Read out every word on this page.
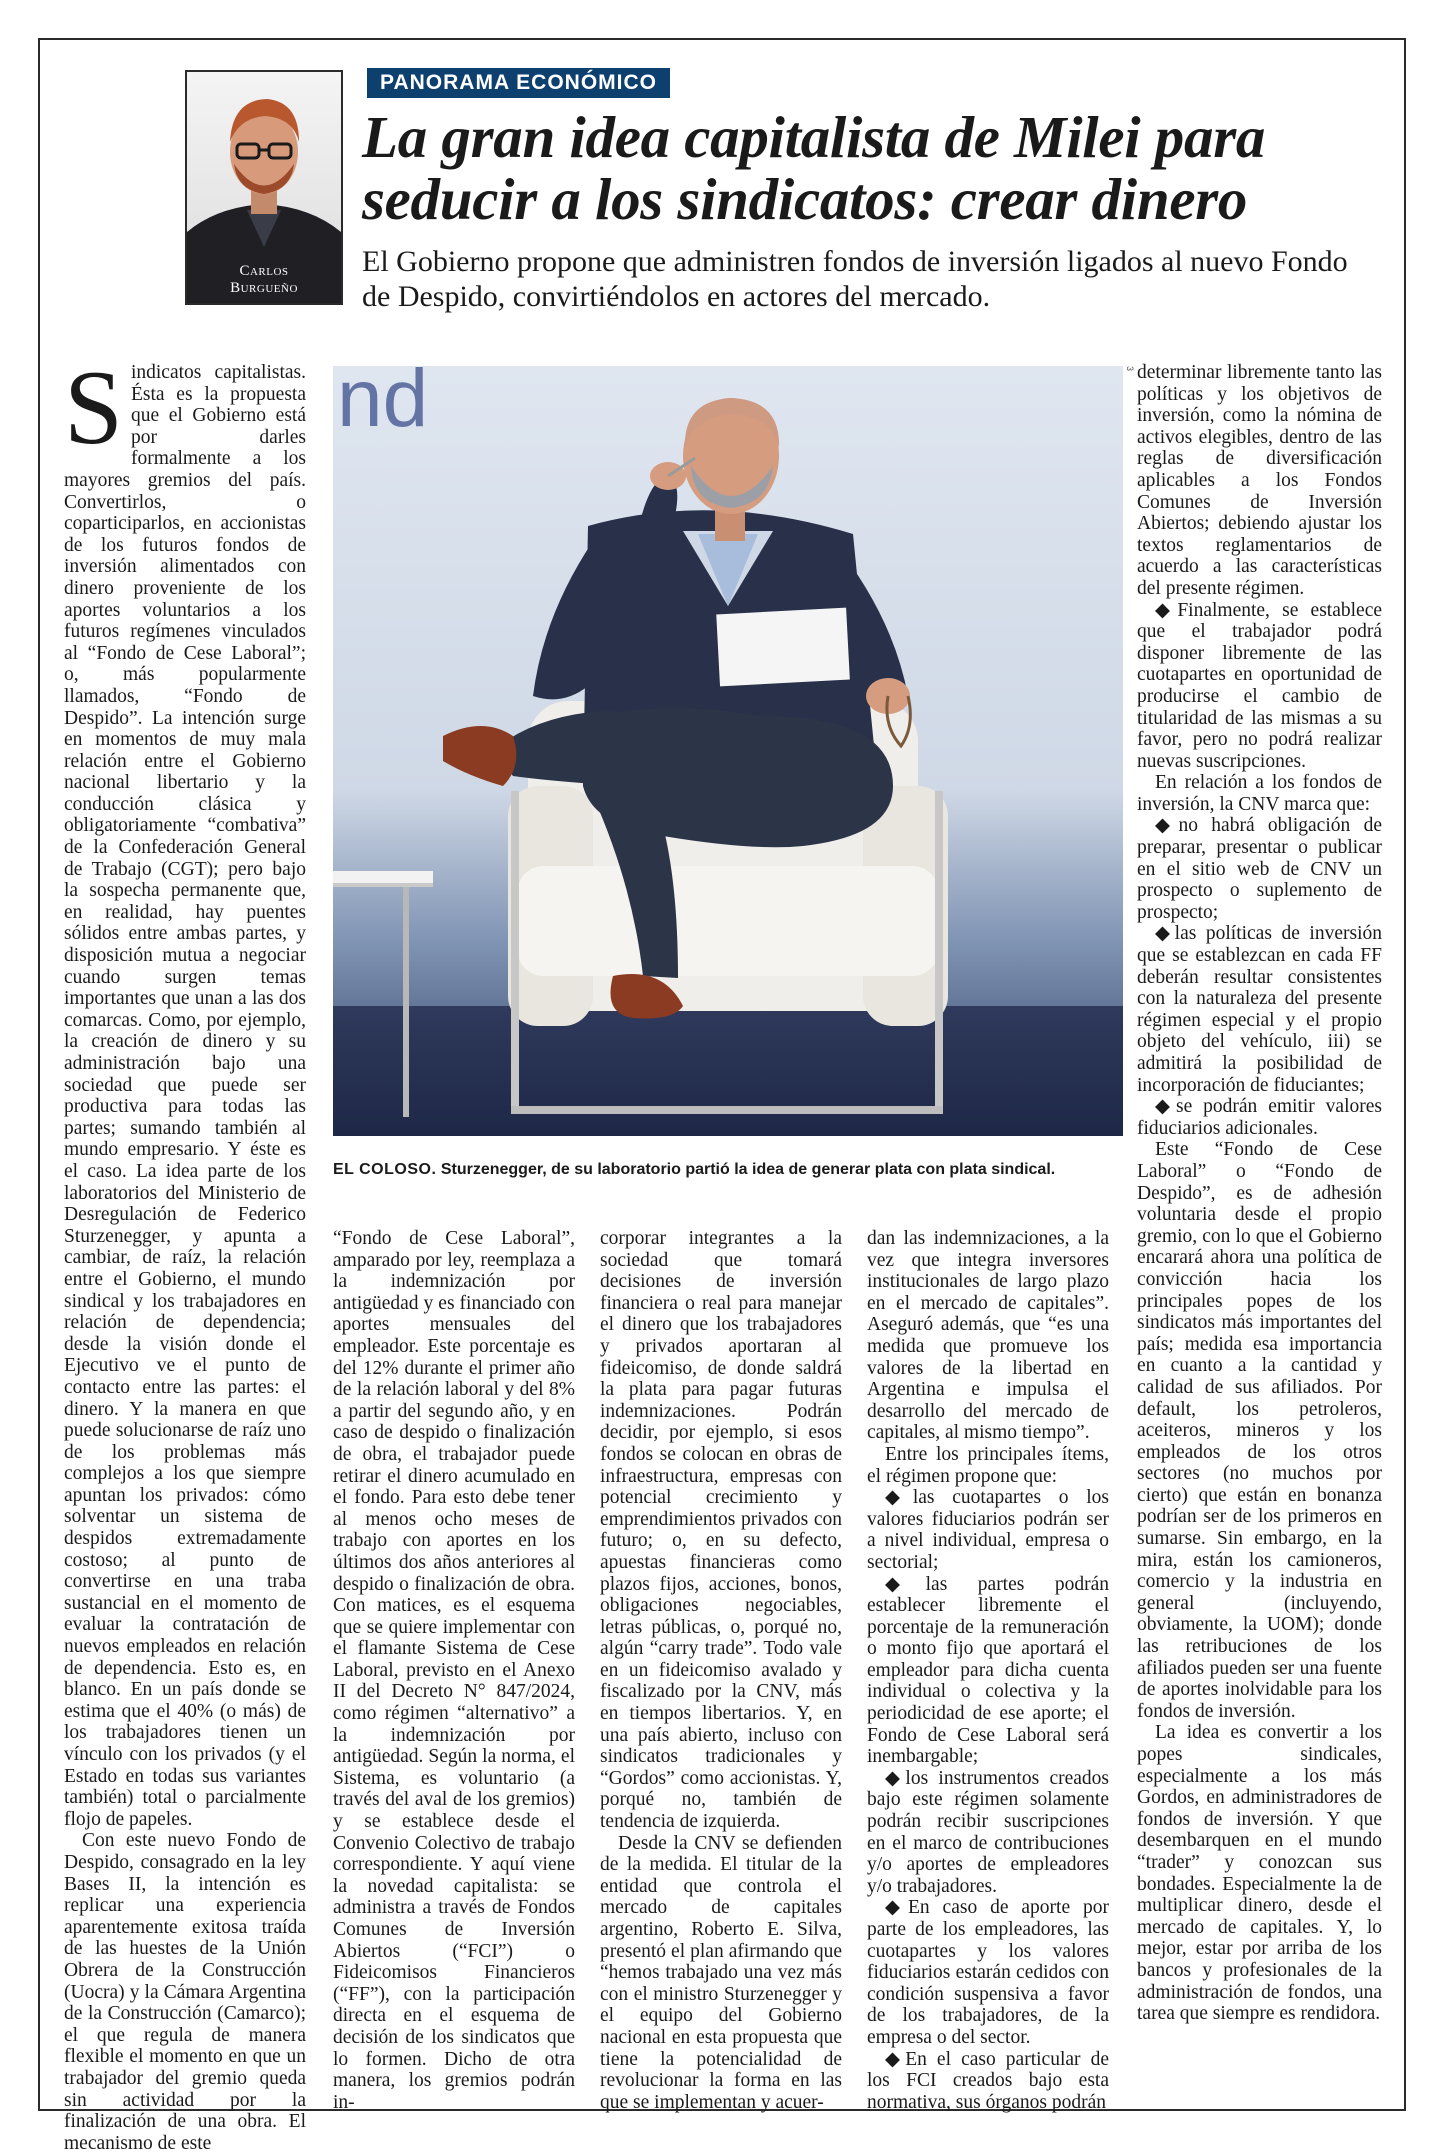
Carlos
Burgueño
PANORAMA ECONÓMICO
La gran idea capitalista de Milei para seducir a los sindicatos: crear dinero

El Gobierno propone que administren fondos de inversión ligados al nuevo Fondo de Despido, convirtiéndolos en actores del mercado.

S indicatos capitalistas. Ésta es la propuesta que el Gobierno está por darles formalmente a los mayores gremios del país. Convertirlos, o coparticiparlos, en accionistas de los futuros fondos de inversión alimentados con dinero proveniente de los aportes voluntarios a los futuros regímenes vinculados al “Fondo de Cese Laboral”; o, más popularmente llamados, “Fondo de Despido”. La intención surge en momentos de muy mala relación entre el Gobierno nacional libertario y la conducción clásica y obligatoriamente “combativa” de la Confederación General de Trabajo (CGT); pero bajo la sospecha permanente que, en realidad, hay puentes sólidos entre ambas partes, y disposición mutua a negociar cuando surgen temas importantes que unan a las dos comarcas. Como, por ejemplo, la creación de dinero y su administración bajo una sociedad que puede ser productiva para todas las partes; sumando también al mundo empresario. Y éste es el caso. La idea parte de los laboratorios del Ministerio de Desregulación de Federico Sturzenegger, y apunta a cambiar, de raíz, la relación entre el Gobierno, el mundo sindical y los trabajadores en relación de dependencia; desde la visión donde el Ejecutivo ve el punto de contacto entre las partes: el dinero. Y la manera en que puede solucionarse de raíz uno de los problemas más complejos a los que siempre apuntan los privados: cómo solventar un sistema de despidos extremadamente costoso; al punto de convertirse en una traba sustancial en el momento de evaluar la contratación de nuevos empleados en relación de dependencia. Esto es, en blanco. En un país donde se estima que el 40% (o más) de los trabajadores tienen un vínculo con los privados (y el Estado en todas sus variantes también) total o parcialmente flojo de papeles.

Con este nuevo Fondo de Despido, consagrado en la ley Bases II, la intención es replicar una experiencia aparentemente exitosa traída de las huestes de la Unión Obrera de la Construcción (Uocra) y la Cámara Argentina de la Construcción (Camarco); el que regula de manera flexible el momento en que un trabajador del gremio queda sin actividad por la finalización de una obra. El mecanismo de este

nd	3
EL COLOSO. Sturzenegger, de su laboratorio partió la idea de generar plata con plata sindical.

“Fondo de Cese Laboral”, amparado por ley, reemplaza a la indemnización por antigüedad y es financiado con aportes mensuales del empleador. Este porcentaje es del 12% durante el primer año de la relación laboral y del 8% a partir del segundo año, y en caso de despido o finalización de obra, el trabajador puede retirar el dinero acumulado en el fondo. Para esto debe tener al menos ocho meses de trabajo con aportes en los últimos dos años anteriores al despido o finalización de obra. Con matices, es el esquema que se quiere implementar con el flamante Sistema de Cese Laboral, previsto en el Anexo II del Decreto N° 847/2024, como régimen “alternativo” a la indemnización por antigüedad. Según la norma, el Sistema, es voluntario (a través del aval de los gremios) y se establece desde el Convenio Colectivo de trabajo correspondiente. Y aquí viene la novedad capitalista: se administra a través de Fondos Comunes de Inversión Abiertos (“FCI”) o Fideicomisos Financieros (“FF”), con la participación directa en el esquema de decisión de los sindicatos que lo formen. Dicho de otra manera, los gremios podrán in-

corporar integrantes a la sociedad que tomará decisiones de inversión financiera o real para manejar el dinero que los trabajadores y privados aportaran al fideicomiso, de donde saldrá la plata para pagar futuras indemnizaciones. Podrán decidir, por ejemplo, si esos fondos se colocan en obras de infraestructura, empresas con potencial crecimiento y emprendimientos privados con futuro; o, en su defecto, apuestas financieras como plazos fijos, acciones, bonos, obligaciones negociables, letras públicas, o, porqué no, algún “carry trade”. Todo vale en un fideicomiso avalado y fiscalizado por la CNV, más en tiempos libertarios. Y, en una país abierto, incluso con sindicatos tradicionales y “Gordos” como accionistas. Y, porqué no, también de tendencia de izquierda.

Desde la CNV se defienden de la medida. El titular de la entidad que controla el mercado de capitales argentino, Roberto E. Silva, presentó el plan afirmando que “hemos trabajado una vez más con el ministro Sturzenegger y el equipo del Gobierno nacional en esta propuesta que tiene la potencialidad de revolucionar la forma en las que se implementan y acuer-

dan las indemnizaciones, a la vez que integra inversores institucionales de largo plazo en el mercado de capitales”. Aseguró además, que “es una medida que promueve los valores de la libertad en Argentina e impulsa el desarrollo del mercado de capitales, al mismo tiempo”.

Entre los principales ítems, el régimen propone que:

◆las cuotapartes o los valores fiduciarios podrán ser a nivel individual, empresa o sectorial;

◆las partes podrán establecer libremente el porcentaje de la remuneración o monto fijo que aportará el empleador para dicha cuenta individual o colectiva y la periodicidad de ese aporte; el Fondo de Cese Laboral será inembargable;

◆los instrumentos creados bajo este régimen solamente podrán recibir suscripciones en el marco de contribuciones y/o aportes de empleadores y/o trabajadores.

◆En caso de aporte por parte de los empleadores, las cuotapartes y los valores fiduciarios estarán cedidos con condición suspensiva a favor de los trabajadores, de la empresa o del sector.

◆En el caso particular de los FCI creados bajo esta normativa, sus órganos podrán

determinar libremente tanto las políticas y los objetivos de inversión, como la nómina de activos elegibles, dentro de las reglas de diversificación aplicables a los Fondos Comunes de Inversión Abiertos; debiendo ajustar los textos reglamentarios de acuerdo a las características del presente régimen.

◆Finalmente, se establece que el trabajador podrá disponer libremente de las cuotapartes en oportunidad de producirse el cambio de titularidad de las mismas a su favor, pero no podrá realizar nuevas suscripciones.

En relación a los fondos de inversión, la CNV marca que:

◆no habrá obligación de preparar, presentar o publicar en el sitio web de CNV un prospecto o suplemento de prospecto;

◆las políticas de inversión que se establezcan en cada FF deberán resultar consistentes con la naturaleza del presente régimen especial y el propio objeto del vehículo, iii) se admitirá la posibilidad de incorporación de fiduciantes;

◆se podrán emitir valores fiduciarios adicionales.

Este “Fondo de Cese Laboral” o “Fondo de Despido”, es de adhesión voluntaria desde el propio gremio, con lo que el Gobierno encarará ahora una política de convicción hacia los principales popes de los sindicatos más importantes del país; medida esa importancia en cuanto a la cantidad y calidad de sus afiliados. Por default, los petroleros, aceiteros, mineros y los empleados de los otros sectores (no muchos por cierto) que están en bonanza podrían ser de los primeros en sumarse. Sin embargo, en la mira, están los camioneros, comercio y la industria en general (incluyendo, obviamente, la UOM); donde las retribuciones de los afiliados pueden ser una fuente de aportes inolvidable para los fondos de inversión.

La idea es convertir a los popes sindicales, especialmente a los más Gordos, en administradores de fondos de inversión. Y que desembarquen en el mundo “trader” y conozcan sus bondades. Especialmente la de multiplicar dinero, desde el mercado de capitales. Y, lo mejor, estar por arriba de los bancos y profesionales de la administración de fondos, una tarea que siempre es rendidora.
